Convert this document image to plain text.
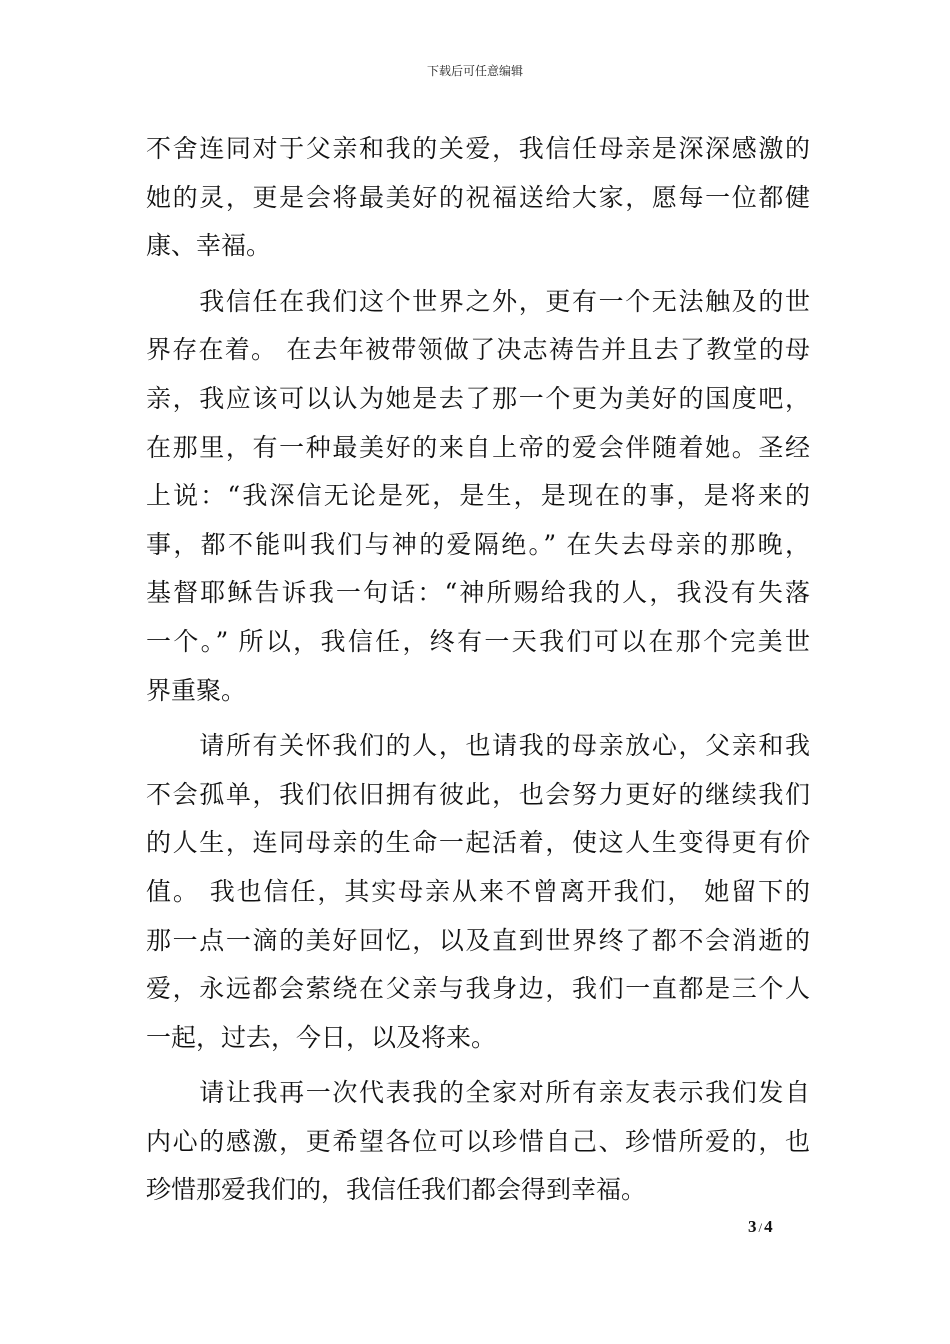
下载后可任意编辑
不舍连同对于父亲和我的关爱，我信任母亲是深深感激的
她的灵，更是会将最美好的祝福送给大家，愿每一位都健
康、幸福。
　　我信任在我们这个世界之外，更有一个无法触及的世
界存在着。 在去年被带领做了决志祷告并且去了教堂的母
亲，我应该可以认为她是去了那一个更为美好的国度吧，
在那里，有一种最美好的来自上帝的爱会伴随着她。圣经
上说：“我深信无论是死，是生，是现在的事，是将来的
事，都不能叫我们与神的爱隔绝。” 在失去母亲的那晚，
基督耶稣告诉我一句话：“神所赐给我的人，我没有失落
一个。” 所以，我信任，终有一天我们可以在那个完美世
界重聚。
　　请所有关怀我们的人，也请我的母亲放心，父亲和我
不会孤单，我们依旧拥有彼此，也会努力更好的继续我们
的人生，连同母亲的生命一起活着，使这人生变得更有价
值。 我也信任，其实母亲从来不曾离开我们， 她留下的
那一点一滴的美好回忆，以及直到世界终了都不会消逝的
爱，永远都会萦绕在父亲与我身边，我们一直都是三个人
一起，过去，今日，以及将来。
　　请让我再一次代表我的全家对所有亲友表示我们发自
内心的感激，更希望各位可以珍惜自己、珍惜所爱的，也
珍惜那爱我们的，我信任我们都会得到幸福。
3 / 4
